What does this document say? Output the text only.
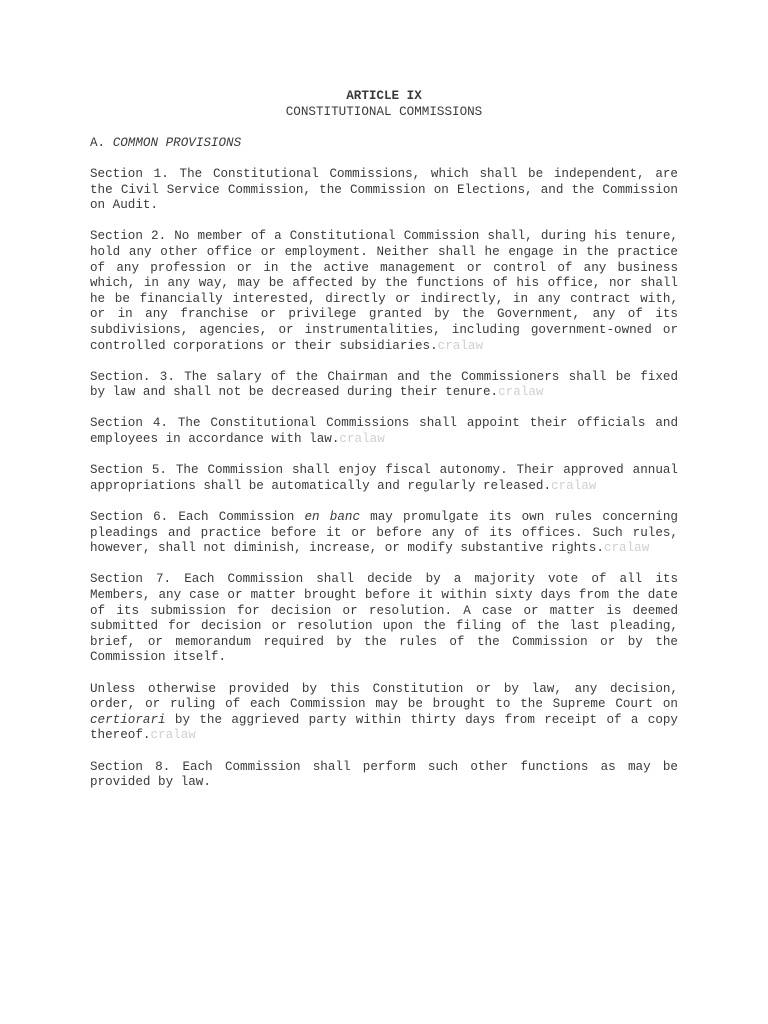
ARTICLE IX
CONSTITUTIONAL COMMISSIONS
A. COMMON PROVISIONS

Section 1. The Constitutional Commissions, which shall be independent, are the Civil Service Commission, the Commission on Elections, and the Commission on Audit.

Section 2. No member of a Constitutional Commission shall, during his tenure, hold any other office or employment. Neither shall he engage in the practice of any profession or in the active management or control of any business which, in any way, may be affected by the functions of his office, nor shall he be financially interested, directly or indirectly, in any contract with, or in any franchise or privilege granted by the Government, any of its subdivisions, agencies, or instrumentalities, including government-owned or controlled corporations or their subsidiaries.cralaw

Section. 3. The salary of the Chairman and the Commissioners shall be fixed by law and shall not be decreased during their tenure.cralaw

Section 4. The Constitutional Commissions shall appoint their officials and employees in accordance with law.cralaw

Section 5. The Commission shall enjoy fiscal autonomy. Their approved annual appropriations shall be automatically and regularly released.cralaw

Section 6. Each Commission en banc may promulgate its own rules concerning pleadings and practice before it or before any of its offices. Such rules, however, shall not diminish, increase, or modify substantive rights.cralaw

Section 7. Each Commission shall decide by a majority vote of all its Members, any case or matter brought before it within sixty days from the date of its submission for decision or resolution. A case or matter is deemed submitted for decision or resolution upon the filing of the last pleading, brief, or memorandum required by the rules of the Commission or by the Commission itself.

Unless otherwise provided by this Constitution or by law, any decision, order, or ruling of each Commission may be brought to the Supreme Court on certiorari by the aggrieved party within thirty days from receipt of a copy thereof.cralaw

Section 8. Each Commission shall perform such other functions as may be provided by law.
